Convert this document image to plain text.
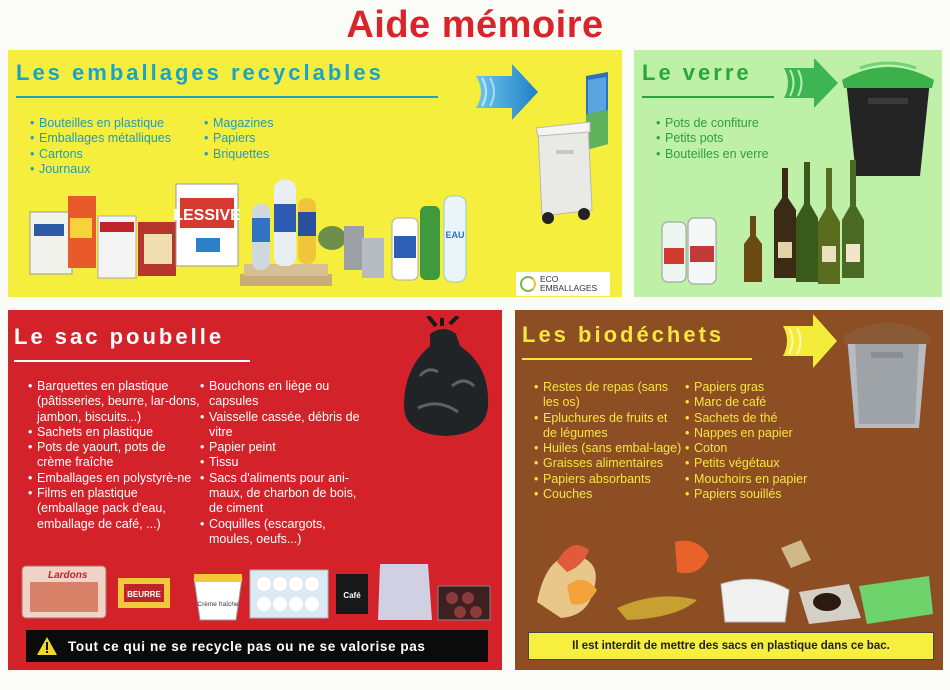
Aide mémoire
Les emballages recyclables
• Bouteilles en plastique
• Emballages métalliques
• Cartons
• Journaux
• Magazines
• Papiers
• Briquettes
LESSIVE
EAU
ECO
EMBALLAGES
Le verre
• Pots de confiture
• Petits pots
• Bouteilles en verre
Le sac poubelle
• Barquettes en plastique (pâtisseries, beurre, lar-dons, jambon, biscuits...)
• Sachets en plastique
• Pots de yaourt, pots de crème fraîche
• Emballages en polystyrè-ne
• Films en plastique (emballage pack d'eau, emballage de café, ...)
• Bouchons en liège ou capsules
• Vaisselle cassée, débris de vitre
• Papier peint
• Tissu
• Sacs d'aliments pour ani-maux, de charbon de bois, de ciment
• Coquilles (escargots, moules, oeufs...)
Lardons
BEURRE
Crème fraîche
Café
Tout ce qui ne se recycle pas ou ne se valorise pas
Les biodéchets
• Restes de repas (sans les os)
• Epluchures de fruits et de légumes
• Huiles (sans embal-lage)
• Graisses alimentaires
• Papiers absorbants
• Couches
• Papiers gras
• Marc de café
• Sachets de thé
• Nappes en papier
• Coton
• Petits végétaux
• Mouchoirs en papier
• Papiers souillés
Il est interdit de mettre des sacs en plastique dans ce bac.
